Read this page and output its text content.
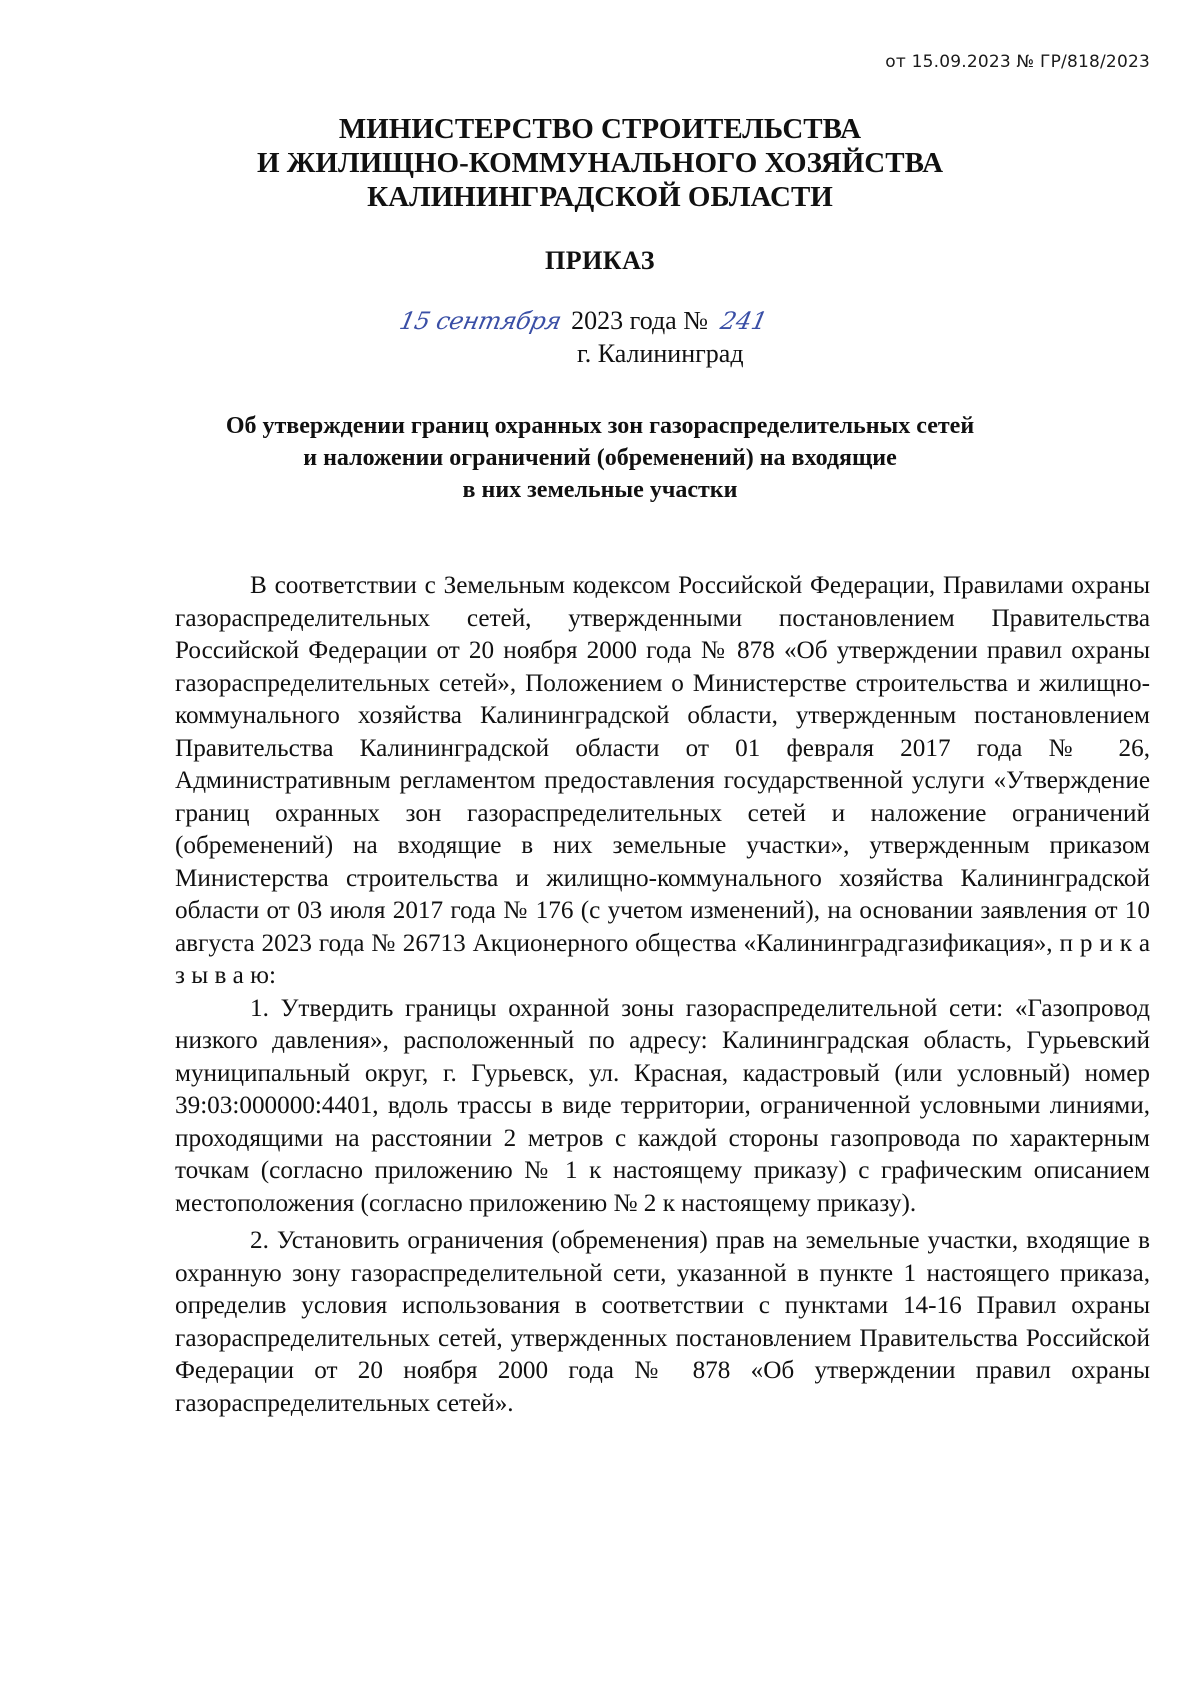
от 15.09.2023 № ГР/818/2023
МИНИСТЕРСТВО СТРОИТЕЛЬСТВА
И ЖИЛИЩНО-КОММУНАЛЬНОГО ХОЗЯЙСТВА
КАЛИНИНГРАДСКОЙ ОБЛАСТИ
ПРИКАЗ
15 сентября 2023 года № 241
г. Калининград
Об утверждении границ охранных зон газораспределительных сетей
и наложении ограничений (обременений) на входящие
в них земельные участки

В соответствии с Земельным кодексом Российской Федерации, Правилами охраны газораспределительных сетей, утвержденными постановлением Правительства Российской Федерации от 20 ноября 2000 года № 878 «Об утверждении правил охраны газораспределительных сетей», Положением о Министерстве строительства и жилищно-коммунального хозяйства Калининградской области, утвержденным постановлением Правительства Калининградской области от 01 февраля 2017 года № 26, Административным регламентом предоставления государственной услуги «Утверждение границ охранных зон газораспределительных сетей и наложение ограничений (обременений) на входящие в них земельные участки», утвержденным приказом Министерства строительства и жилищно-коммунального хозяйства Калининградской области от 03 июля 2017 года № 176 (с учетом изменений), на основании заявления от 10 августа 2023 года № 26713 Акционерного общества «Калининградгазификация», п р и к а з ы в а ю:

1. Утвердить границы охранной зоны газораспределительной сети: «Газопровод низкого давления», расположенный по адресу: Калининградская область, Гурьевский муниципальный округ, г. Гурьевск, ул. Красная, кадастровый (или условный) номер 39:03:000000:4401, вдоль трассы в виде территории, ограниченной условными линиями, проходящими на расстоянии 2 метров с каждой стороны газопровода по характерным точкам (согласно приложению № 1 к настоящему приказу) с графическим описанием местоположения (согласно приложению № 2 к настоящему приказу).

2. Установить ограничения (обременения) прав на земельные участки, входящие в охранную зону газораспределительной сети, указанной в пункте 1 настоящего приказа, определив условия использования в соответствии с пунктами 14-16 Правил охраны газораспределительных сетей, утвержденных постановлением Правительства Российской Федерации от 20 ноября 2000 года № 878 «Об утверждении правил охраны газораспределительных сетей».
